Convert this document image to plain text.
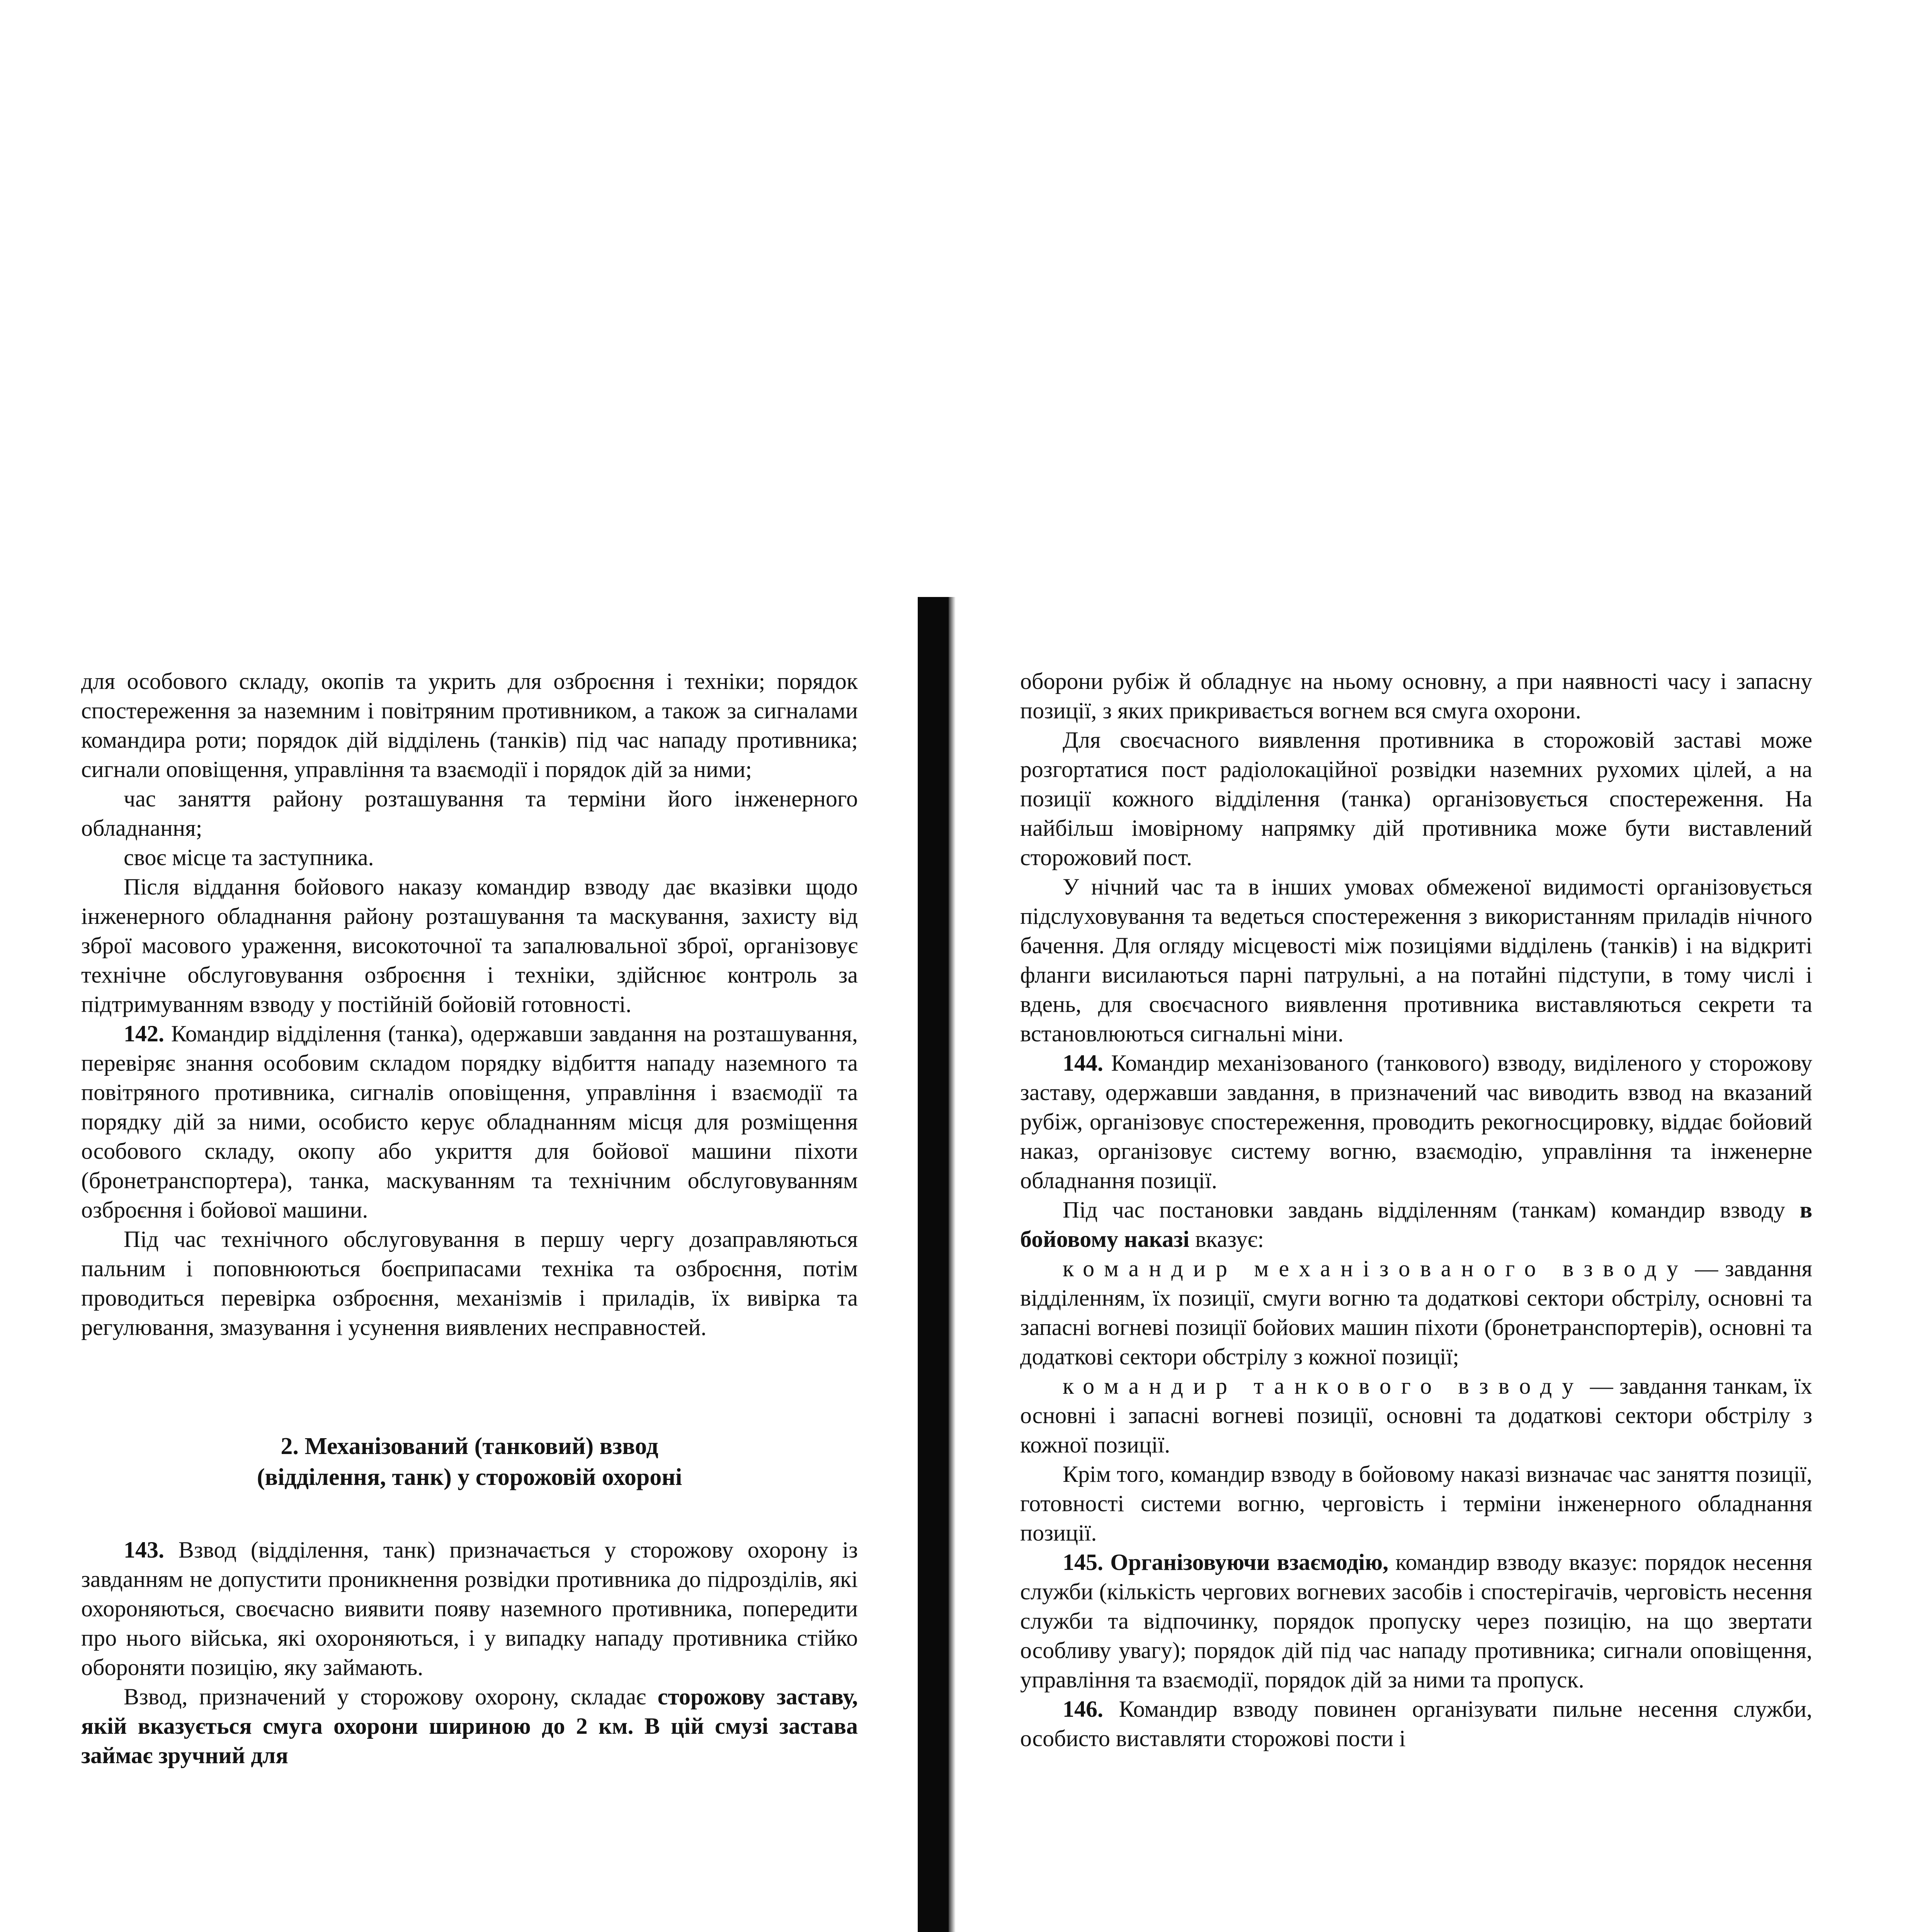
для особового складу, окопів та укрить для озброєння і техніки; порядок спостереження за наземним і повітряним противником, а також за сигналами командира роти; порядок дій відділень (танків) під час нападу противника; сигнали оповіщення, управління та взаємодії і порядок дій за ними;

час заняття району розташування та терміни його інженерного обладнання;

своє місце та заступника.

Після віддання бойового наказу командир взводу дає вказівки щодо інженерного обладнання району розташування та маскування, захисту від зброї масового ураження, високоточної та запалювальної зброї, організовує технічне обслуговування озброєння і техніки, здійснює контроль за підтримуванням взводу у постійній бойовій готовності.

142. Командир відділення (танка), одержавши завдання на розташування, перевіряє знання особовим складом порядку відбиття нападу наземного та повітряного противника, сигналів оповіщення, управління і взаємодії та порядку дій за ними, особисто керує обладнанням місця для розміщення особового складу, окопу або укриття для бойової машини піхоти (бронетранспортера), танка, маскуванням та технічним обслуговуванням озброєння і бойової машини.

Під час технічного обслуговування в першу чергу дозаправляються пальним і поповнюються боєприпасами техніка та озброєння, потім проводиться перевірка озброєння, механізмів і приладів, їх вивірка та регулювання, змазування і усунення виявлених несправностей.

2. Механізований (танковий) взвод
(відділення, танк) у сторожовій охороні

143. Взвод (відділення, танк) призначається у сторожову охорону із завданням не допустити проникнення розвідки противника до підрозділів, які охороняються, своєчасно виявити появу наземного противника, попередити про нього війська, які охороняються, і у випадку нападу противника стійко обороняти позицію, яку займають.

Взвод, призначений у сторожову охорону, складає сторожову заставу, якій вказується смуга охорони шириною до 2 км. В цій смузі застава займає зручний для

оборони рубіж й обладнує на ньому основну, а при наявності часу і запасну позиції, з яких прикривається вогнем вся смуга охорони.

Для своєчасного виявлення противника в сторожовій заставі може розгортатися пост радіолокаційної розвідки наземних рухомих цілей, а на позиції кожного відділення (танка) організовується спостереження. На найбільш імовірному напрямку дій противника може бути виставлений сторожовий пост.

У нічний час та в інших умовах обмеженої видимості організовується підслуховування та ведеться спостереження з використанням приладів нічного бачення. Для огляду місцевості між позиціями відділень (танків) і на відкриті фланги висилаються парні патрульні, а на потайні підступи, в тому числі і вдень, для своєчасного виявлення противника виставляються секрети та встановлюються сигнальні міни.

144. Командир механізованого (танкового) взводу, виділеного у сторожову заставу, одержавши завдання, в призначений час виводить взвод на вказаний рубіж, організовує спостереження, проводить рекогносцировку, віддає бойовий наказ, організовує систему вогню, взаємодію, управління та інженерне обладнання позиції.

Під час постановки завдань відділенням (танкам) командир взводу в бойовому наказі вказує:

командир механізованого взводу — завдання відділенням, їх позиції, смуги вогню та додаткові сектори обстрілу, основні та запасні вогневі позиції бойових машин піхоти (бронетранспортерів), основні та додаткові сектори обстрілу з кожної позиції;

командир танкового взводу — завдання танкам, їх основні і запасні вогневі позиції, основні та додаткові сектори обстрілу з кожної позиції.

Крім того, командир взводу в бойовому наказі визначає час заняття позиції, готовності системи вогню, черговість і терміни інженерного обладнання позиції.

145. Організовуючи взаємодію, командир взводу вказує: порядок несення служби (кількість чергових вогневих засобів і спостерігачів, черговість несення служби та відпочинку, порядок пропуску через позицію, на що звертати особливу увагу); порядок дій під час нападу противника; сигнали оповіщення, управління та взаємодії, порядок дій за ними та пропуск.

146. Командир взводу повинен організувати пильне несення служби, особисто виставляти сторожові пости і
